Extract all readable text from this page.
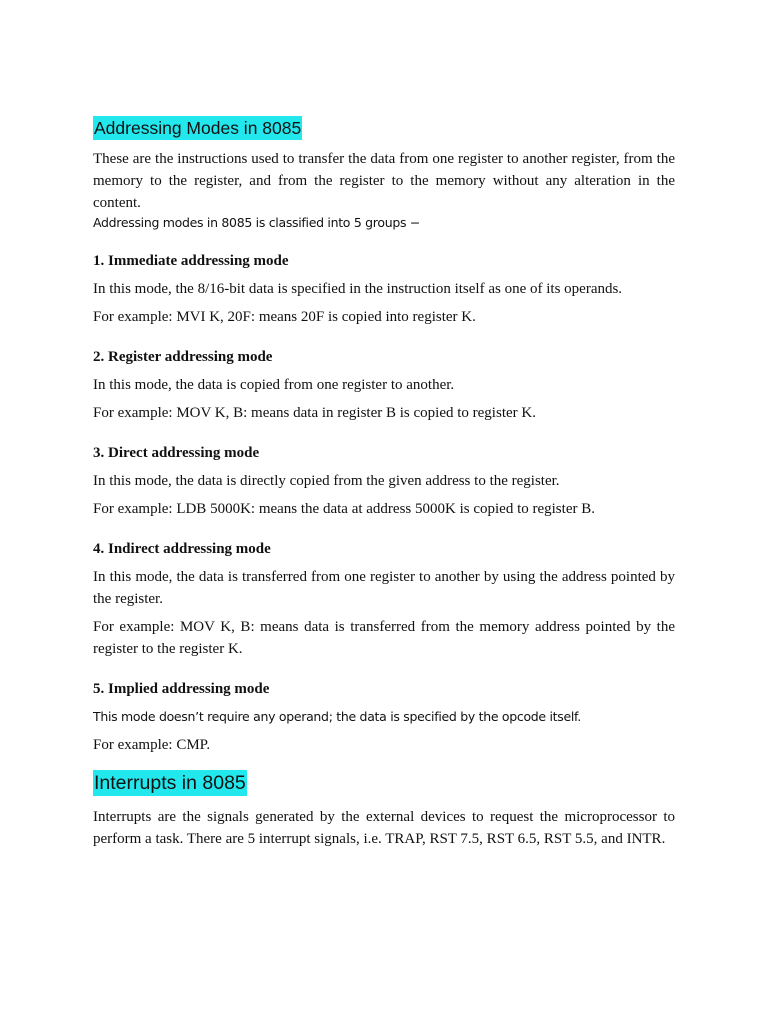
Addressing Modes in 8085

These are the instructions used to transfer the data from one register to another register, from the memory to the register, and from the register to the memory without any alteration in the content.

Addressing modes in 8085 is classified into 5 groups −

1. Immediate addressing mode

In this mode, the 8/16-bit data is specified in the instruction itself as one of its operands.

For example: MVI K, 20F: means 20F is copied into register K.

2. Register addressing mode

In this mode, the data is copied from one register to another.

For example: MOV K, B: means data in register B is copied to register K.

3. Direct addressing mode

In this mode, the data is directly copied from the given address to the register.

For example: LDB 5000K: means the data at address 5000K is copied to register B.

4. Indirect addressing mode

In this mode, the data is transferred from one register to another by using the address pointed by the register.

For example: MOV K, B: means data is transferred from the memory address pointed by the register to the register K.

5. Implied addressing mode

This mode doesn’t require any operand; the data is specified by the opcode itself.

For example: CMP.

Interrupts in 8085

Interrupts are the signals generated by the external devices to request the microprocessor to perform a task. There are 5 interrupt signals, i.e. TRAP, RST 7.5, RST 6.5, RST 5.5, and INTR.
